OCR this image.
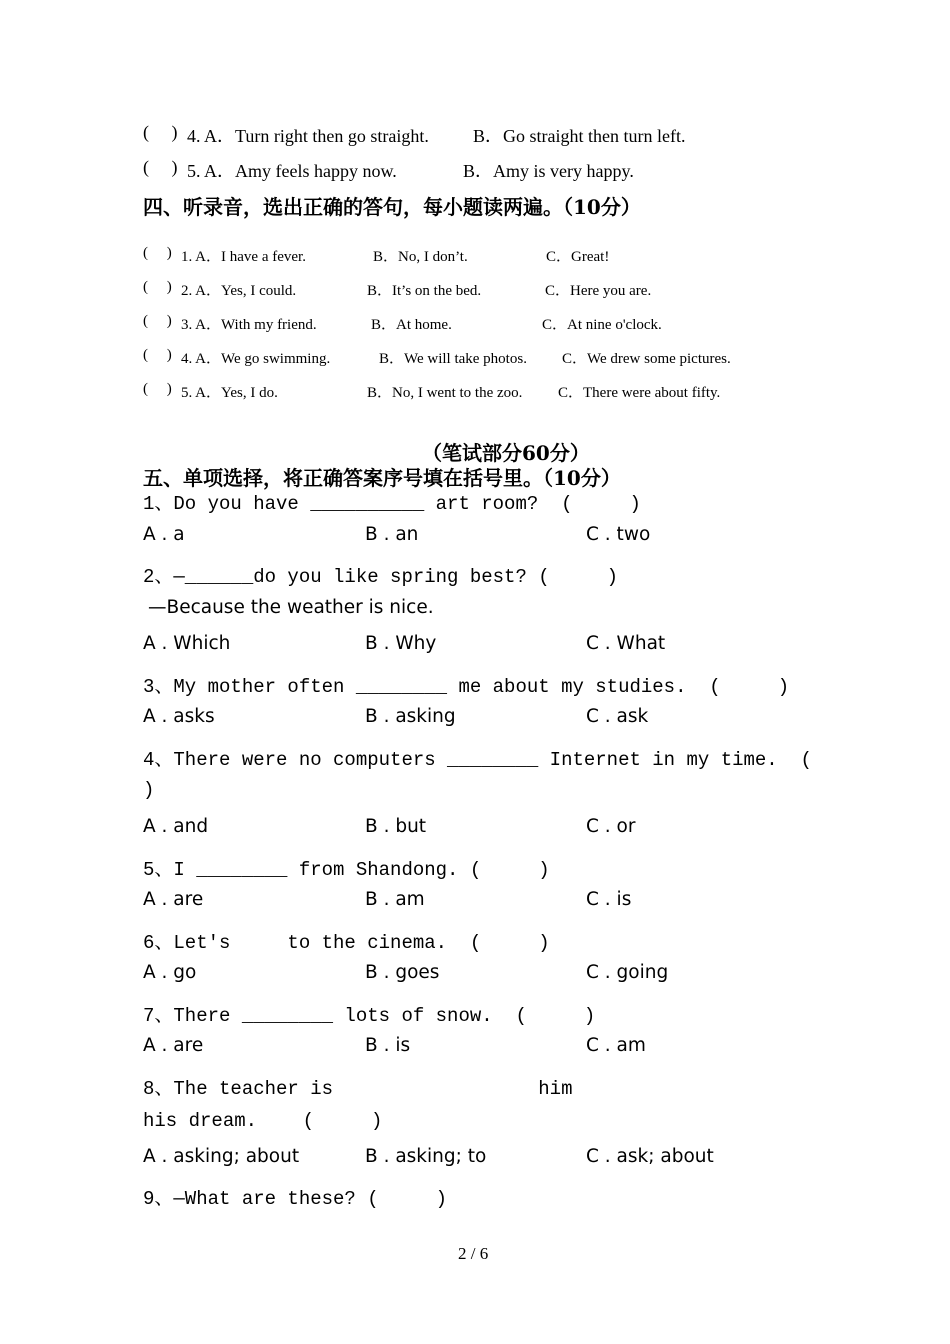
(     ) 4. A．Turn right then go straight. B．Go straight then turn left.
(     ) 5. A．Amy feels happy now.	B．Amy is very happy.
四、听录音，选出正确的答句，每小题读两遍。（10分）
(     ) 1. A．I have a fever.	B．No, I don’t.	C．Great!
(     ) 2. A．Yes, I could.	B．It’s on the bed.	C．Here you are.
(     ) 3. A．With my friend.	B．At home.	C．At nine o'clock.
(     ) 4. A．We go swimming.	B．We will take photos. C．We drew some pictures.
(     ) 5. A．Yes, I do.	B．No, I went to the zoo. C．There were about fifty.
（笔试部分60分）
五、单项选择，将正确答案序号填在括号里。（10分）
1、Do you have __________ art room?  (     )
A . a	B . an	C . two
2、—______do you like spring best? (     )
—Because the weather is nice.
A . Which	B . Why	C . What
3、My mother often ________ me about my studies.  (     )
A . asks	B . asking	C . ask
4、There were no computers ________ Internet in my time.  (
)
A . and	B . but	C . or
5、I ________ from Shandong. (     )
A . are	B . am	C . is
6、Let's     to the cinema.  (     )
A . go	B . goes	C . going
7、There ________ lots of snow.  (     )
A . are	B . is	C . am
8、The teacher is                  him
his dream.    (     )
A . asking; about	B . asking; to	C . ask; about
9、—What are these? (     )
2 / 6
